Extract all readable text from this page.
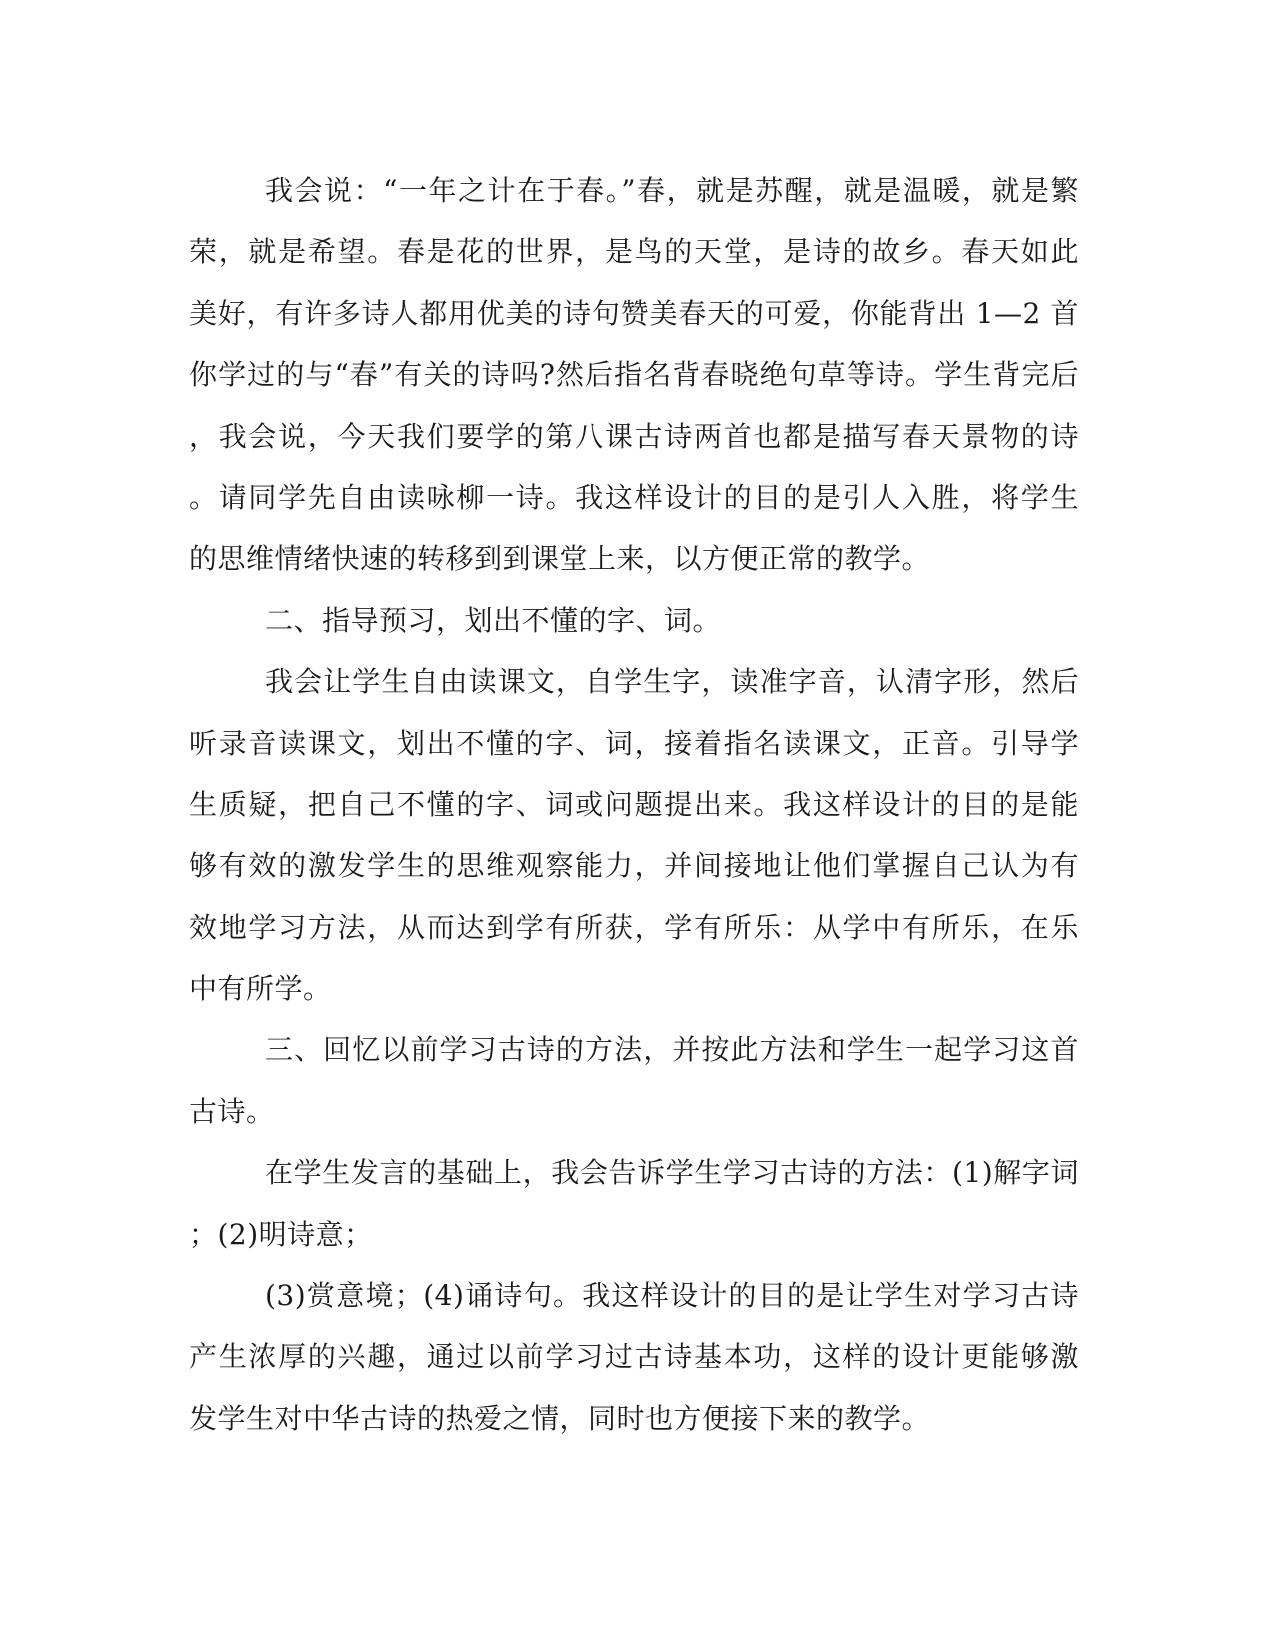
我会说：“一年之计在于春。”春，就是苏醒，就是温暖，就是繁
荣，就是希望。春是花的世界，是鸟的天堂，是诗的故乡。春天如此
美好，有许多诗人都用优美的诗句赞美春天的可爱，你能背出 1—2 首
你学过的与“春”有关的诗吗?然后指名背春晓绝句草等诗。学生背完后
，我会说，今天我们要学的第八课古诗两首也都是描写春天景物的诗
。请同学先自由读咏柳一诗。我这样设计的目的是引人入胜，将学生
的思维情绪快速的转移到到课堂上来，以方便正常的教学。
二、指导预习，划出不懂的字、词。
我会让学生自由读课文，自学生字，读准字音，认清字形，然后
听录音读课文，划出不懂的字、词，接着指名读课文，正音。引导学
生质疑，把自己不懂的字、词或问题提出来。我这样设计的目的是能
够有效的激发学生的思维观察能力，并间接地让他们掌握自己认为有
效地学习方法，从而达到学有所获，学有所乐：从学中有所乐，在乐
中有所学。
三、回忆以前学习古诗的方法，并按此方法和学生一起学习这首
古诗。
在学生发言的基础上，我会告诉学生学习古诗的方法：(1)解字词
；(2)明诗意；
(3)赏意境；(4)诵诗句。我这样设计的目的是让学生对学习古诗
产生浓厚的兴趣，通过以前学习过古诗基本功，这样的设计更能够激
发学生对中华古诗的热爱之情，同时也方便接下来的教学。
